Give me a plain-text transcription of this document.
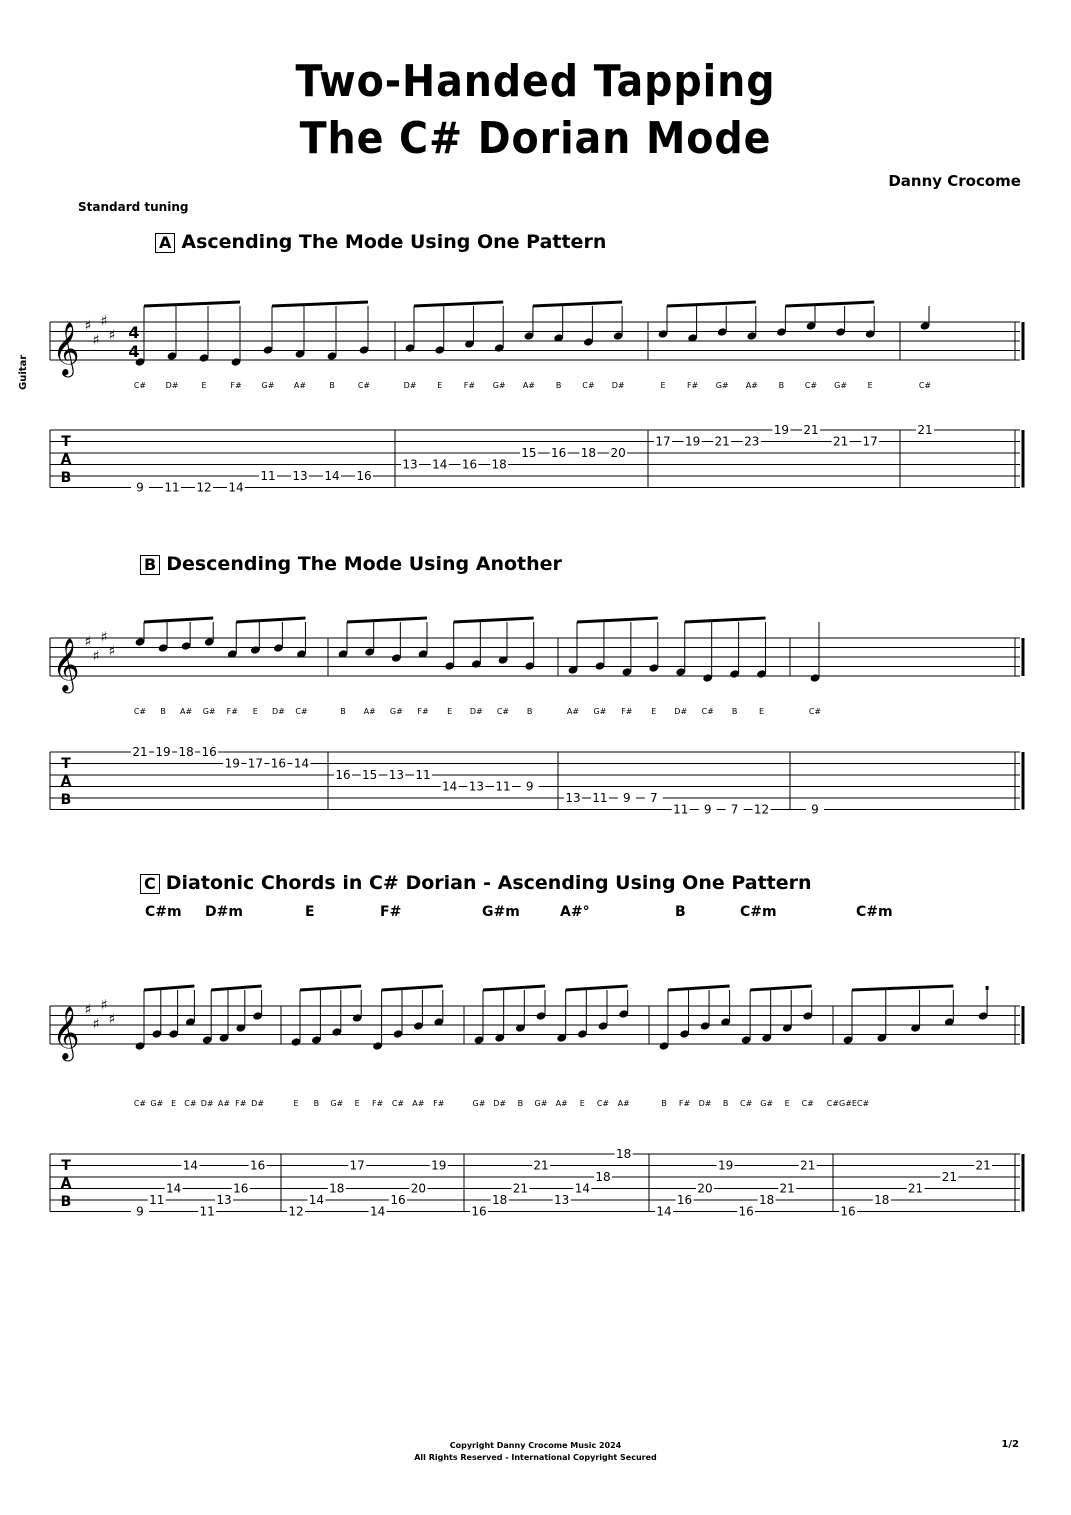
Two-Handed Tapping
The C# Dorian Mode
Danny Crocome
Standard tuning
A Ascending The Mode Using One Pattern
B Descending The Mode Using Another
C Diatonic Chords in C# Dorian - Ascending Using One Pattern
Guitar
C#m D#m	E	F#	G#m	A#°	B	C#m	C#m
𝄞 ♯
♯
♯
♯ 4
4
T
A
B
9
C#
11
D#
12
E
14
F#
11
G#
13
A#
14
B
16
C#
13
D#
14
E
16
F#
18
G#
15
A#
16
B
18
C#
20
D#
17
E
19
F#
21
G#
23
A#
19
B
21
C#
21
G#
17
E
21
C#
𝄞 ♯
♯
♯
♯
T
A
B
21
C#
19
B
18
A#
16
G#
19
F#
17
E
16
D#
14
C#
16
B
15
A#
13
G#
11
F#
14
E
13
D#
11
C#
9
B
13
A#
11
G#
9
F#
7
E
11
D#
9
C#
7
B
12
E
9
C#
𝄞 ♯
♯
♯
♯
T
A
B
9
C#
11
G#
14
E
14
C#
11
D#
13
A#
16
F#
16
D#
12
E
14
B
18
G#
17
E
14
F#
16
C#
20
A#
19
F#
16
G#
18
D#
21
B
21
G#
13
A#
14
E
18
C#
18
A#
14
B
16
F#
20
D#
19
B
16
C#
18
G#
21
E
21
C#
16
C#G#EC#
18
21
21
21
Copyright Danny Crocome Music 2024
All Rights Reserved - International Copyright Secured
1/2
